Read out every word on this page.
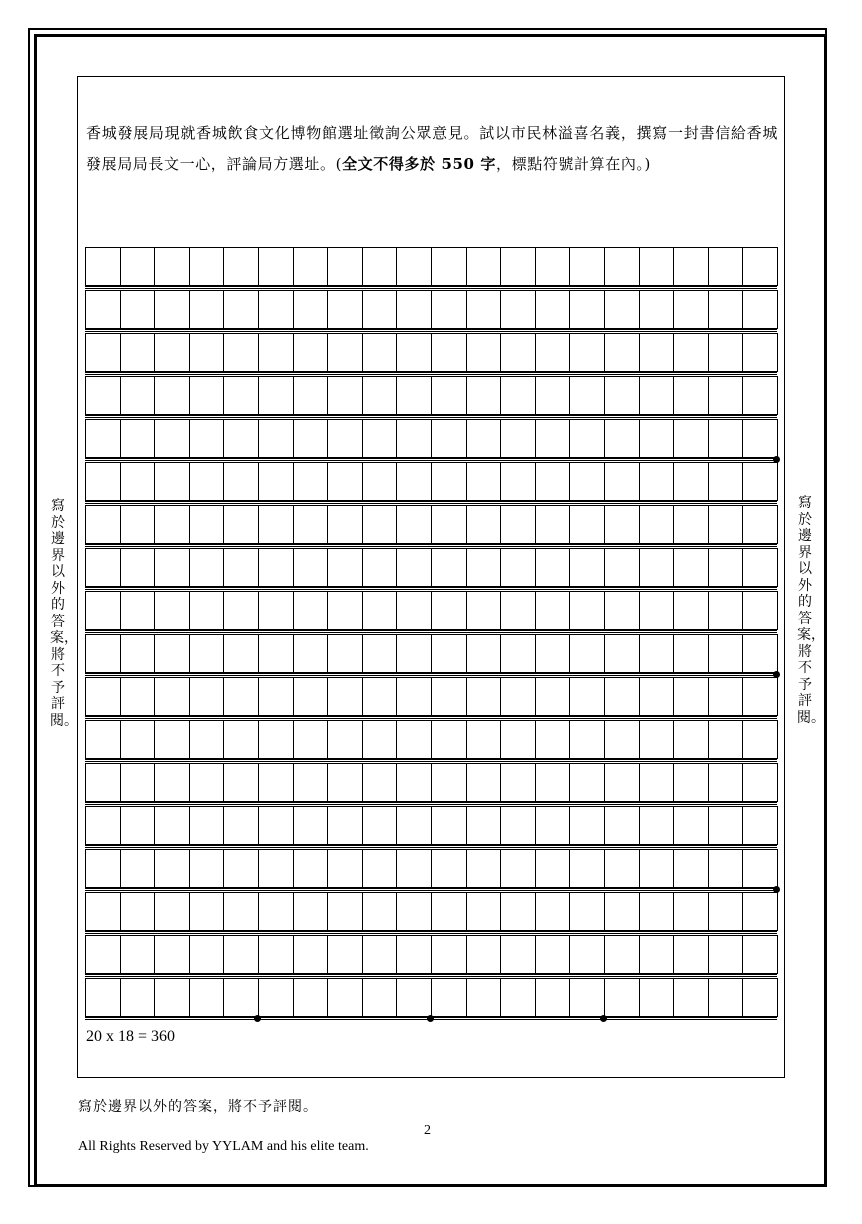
香城發展局現就香城飲食文化博物館選址徵詢公眾意見。試以市民林溢喜名義，撰寫一封書信給香城發展局局長文一心，評論局方選址。(全文不得多於 550 字，標點符號計算在內。)
寫於邊界以外的答案，將不予評閱。
寫於邊界以外的答案，將不予評閱。
20 x 18 = 360
寫於邊界以外的答案，將不予評閱。
2
All Rights Reserved by YYLAM and his elite team.
